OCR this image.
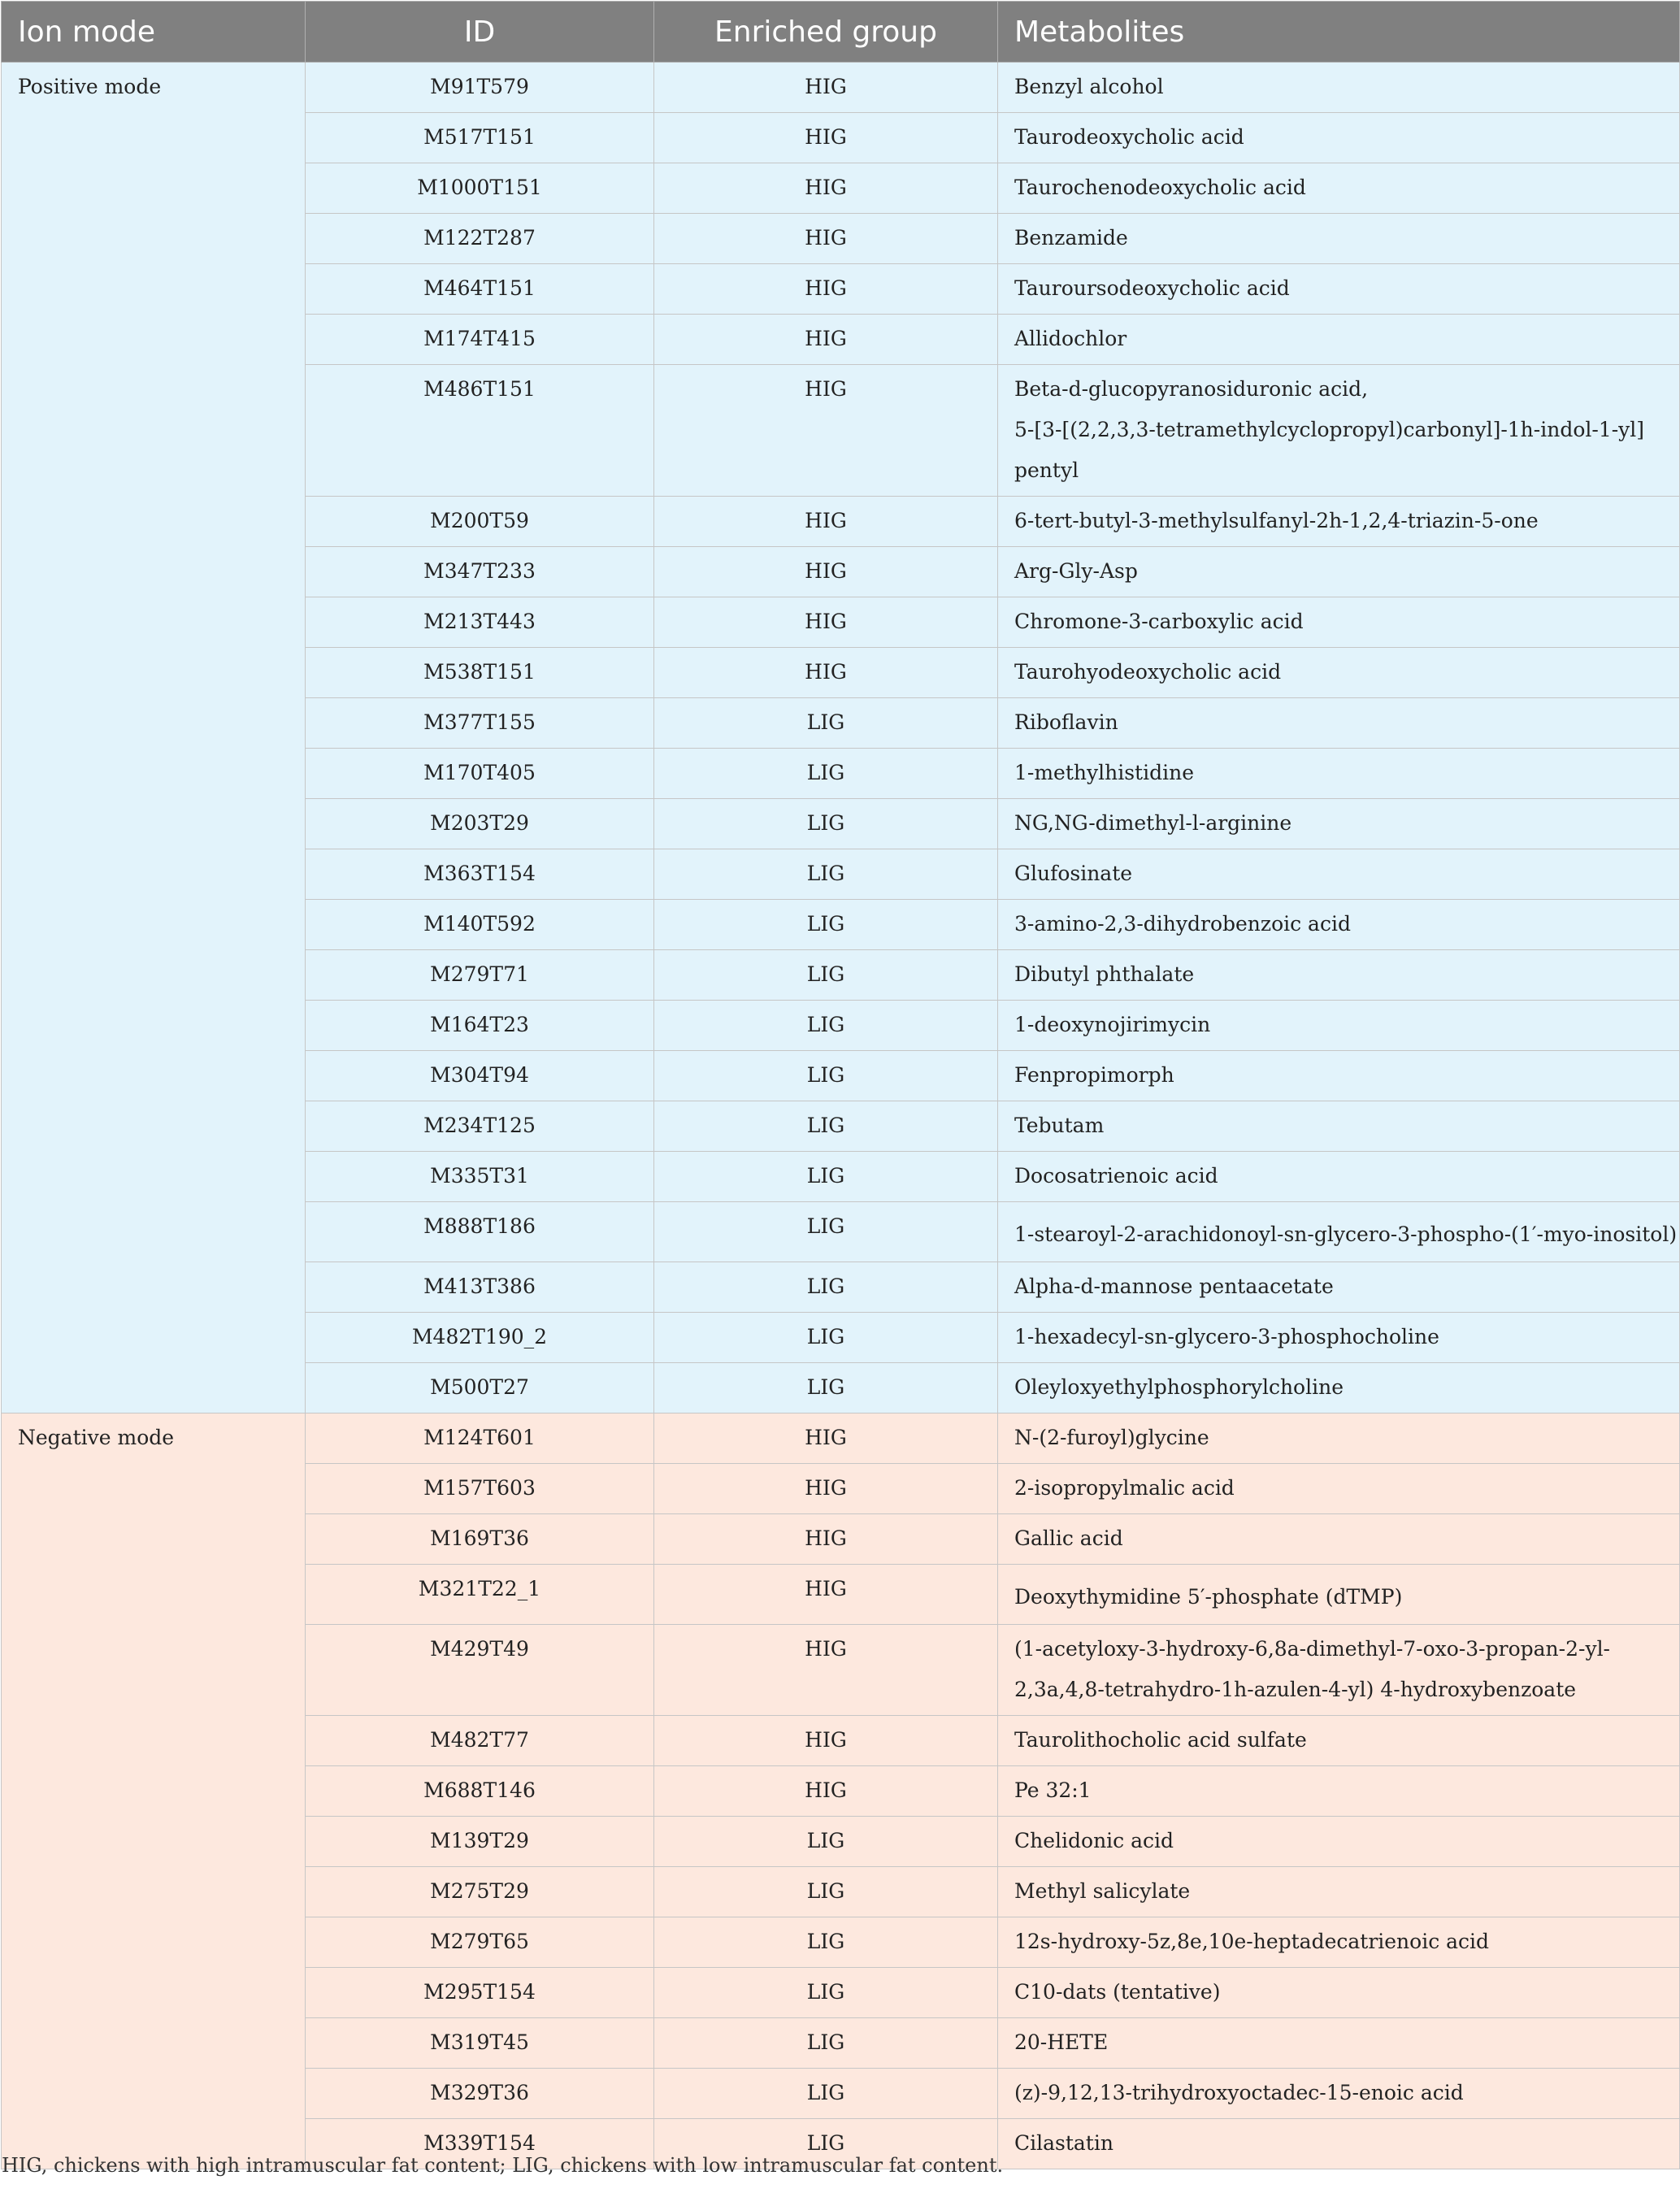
Ion mode	ID	Enriched group	Metabolites
Positive mode	M91T579	HIG	Benzyl alcohol

	M517T151	HIG	Taurodeoxycholic acid

	M1000T151	HIG	Taurochenodeoxycholic acid

	M122T287	HIG	Benzamide

	M464T151	HIG	Tauroursodeoxycholic acid

	M174T415	HIG	Allidochlor

	M486T151	HIG	Beta-d-glucopyranosiduronic acid,
5-[3-[(2,2,3,3-tetramethylcyclopropyl)carbonyl]-1h-indol-1-yl]
pentyl

	M200T59	HIG	6-tert-butyl-3-methylsulfanyl-2h-1,2,4-triazin-5-one

	M347T233	HIG	Arg-Gly-Asp

	M213T443	HIG	Chromone-3-carboxylic acid

	M538T151	HIG	Taurohyodeoxycholic acid

	M377T155	LIG	Riboflavin

	M170T405	LIG	1-methylhistidine

	M203T29	LIG	NG,NG-dimethyl-l-arginine

	M363T154	LIG	Glufosinate

	M140T592	LIG	3-amino-2,3-dihydrobenzoic acid

	M279T71	LIG	Dibutyl phthalate

	M164T23	LIG	1-deoxynojirimycin

	M304T94	LIG	Fenpropimorph

	M234T125	LIG	Tebutam

	M335T31	LIG	Docosatrienoic acid

	M888T186	LIG	1-stearoyl-2-arachidonoyl-sn-glycero-3-phospho-(1′-myo-inositol)

	M413T386	LIG	Alpha-d-mannose pentaacetate

	M482T190_2	LIG	1-hexadecyl-sn-glycero-3-phosphocholine

	M500T27	LIG	Oleyloxyethylphosphorylcholine

Negative mode	M124T601	HIG	N-(2-furoyl)glycine

	M157T603	HIG	2-isopropylmalic acid

	M169T36	HIG	Gallic acid

	M321T22_1	HIG	Deoxythymidine 5′-phosphate (dTMP)

	M429T49	HIG	(1-acetyloxy-3-hydroxy-6,8a-dimethyl-7-oxo-3-propan-2-yl-
2,3a,4,8-tetrahydro-1h-azulen-4-yl) 4-hydroxybenzoate

	M482T77	HIG	Taurolithocholic acid sulfate

	M688T146	HIG	Pe 32:1

	M139T29	LIG	Chelidonic acid

	M275T29	LIG	Methyl salicylate

	M279T65	LIG	12s-hydroxy-5z,8e,10e-heptadecatrienoic acid

	M295T154	LIG	C10-dats (tentative)

	M319T45	LIG	20-HETE

	M329T36	LIG	(z)-9,12,13-trihydroxyoctadec-15-enoic acid

	M339T154	LIG	Cilastatin
HIG, chickens with high intramuscular fat content; LIG, chickens with low intramuscular fat content.
